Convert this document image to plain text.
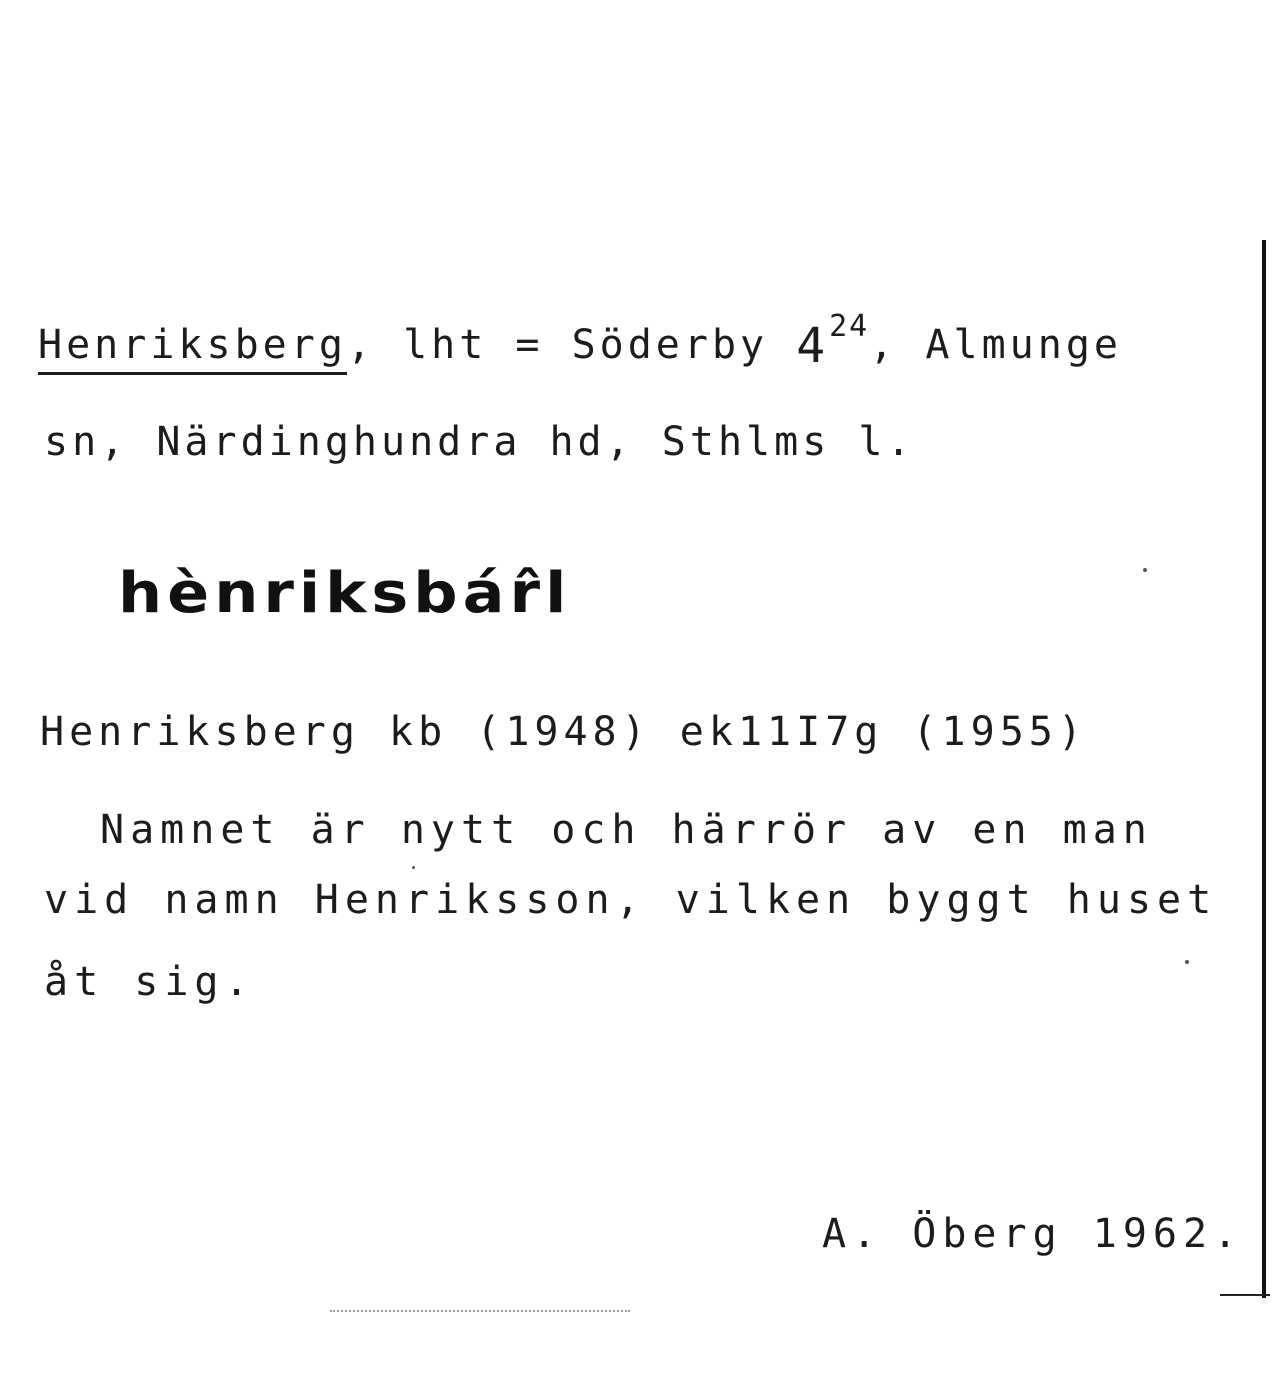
Henriksberg, lht = Söderby $4^{24}$, Almunge
sn, Närdinghundra hd, Sthlms l.
hènriksbár̂l
Henriksberg kb (1948) ek11I7g (1955)
Namnet är nytt och härrör av en man
vid namn Henriksson, vilken byggt huset
åt sig.
A. Öberg 1962.
